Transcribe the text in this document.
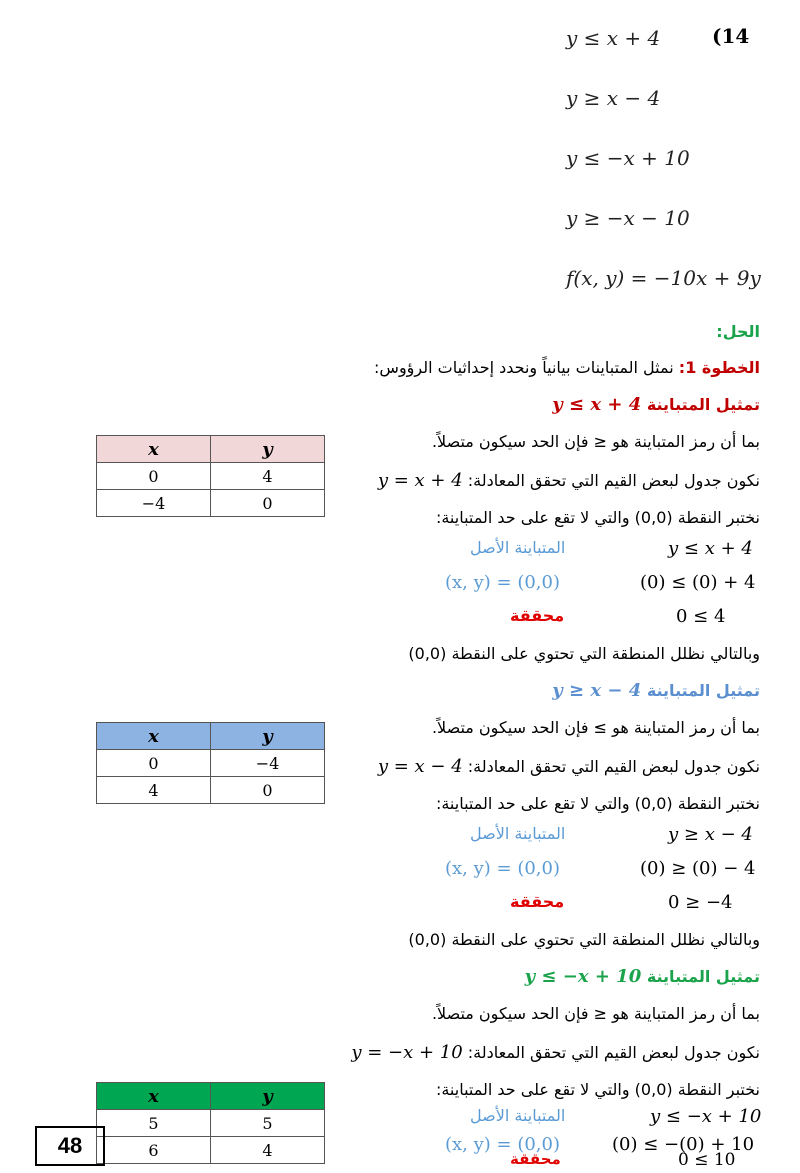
(14
y ≤ x + 4
y ≥ x − 4
y ≤ −x + 10
y ≥ −x − 10
f(x, y) = −10x + 9y
الحل:
الخطوة 1: نمثل المتباينات بيانياً ونحدد إحداثيات الرؤوس:
تمثيل المتباينة y ≤ x + 4
بما أن رمز المتباينة هو ≤ فإن الحد سيكون متصلاً.
نكون جدول لبعض القيم التي تحقق المعادلة: y = x + 4
نختبر النقطة (0,0) والتي لا تقع على حد المتباينة:
المتباينة الأصل	y ≤ x + 4
(x, y) = (0,0)	(0) ≤ (0) + 4
محققة	0 ≤ 4
وبالتالي نظلل المنطقة التي تحتوي على النقطة (0,0)
x	y
0	4
−4	0
تمثيل المتباينة y ≥ x − 4
بما أن رمز المتباينة هو ≥ فإن الحد سيكون متصلاً.
نكون جدول لبعض القيم التي تحقق المعادلة: y = x − 4
نختبر النقطة (0,0) والتي لا تقع على حد المتباينة:
المتباينة الأصل	y ≥ x − 4
(x, y) = (0,0)	(0) ≥ (0) − 4
محققة	0 ≥ −4
وبالتالي نظلل المنطقة التي تحتوي على النقطة (0,0)
x	y
0	−4
4	0
تمثيل المتباينة y ≤ −x + 10
بما أن رمز المتباينة هو ≤ فإن الحد سيكون متصلاً.
نكون جدول لبعض القيم التي تحقق المعادلة: y = −x + 10
نختبر النقطة (0,0) والتي لا تقع على حد المتباينة:
المتباينة الأصل	y ≤ −x + 10
(x, y) = (0,0)	(0) ≤ −(0) + 10
محققة	0 ≤ 10
x	y
5	5
6	4
48
